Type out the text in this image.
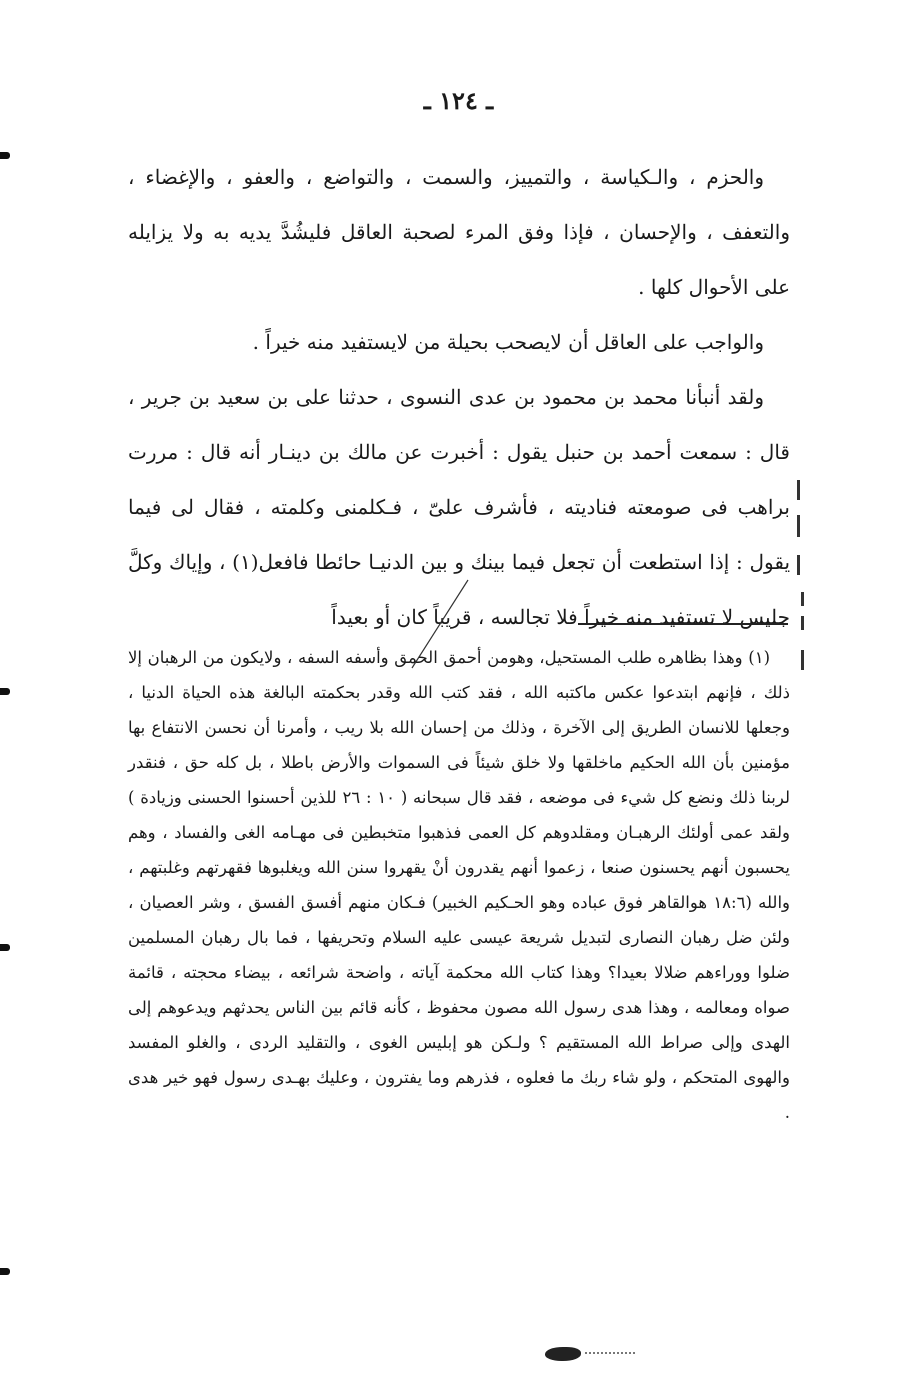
ـ ١٢٤ ـ

والحزم ، والـكياسة ، والتمييز، والسمت ، والتواضع ، والعفو ، والإغضاء ، والتعفف ، والإحسان ، فإذا وفق المرء لصحبة العاقل فليشُدَّ يديه به ولا يزايله على الأحوال كلها .

والواجب على العاقل أن لايصحب بحيلة من لايستفيد منه خيراً .

ولقد أنبأنا محمد بن محمود بن عدى النسوى ، حدثنا على بن سعيد بن جرير ، قال : سمعت أحمد بن حنبل يقول : أخبرت عن مالك بن دينـار أنه قال : مررت براهب فى صومعته فناديته ، فأشرف علىّ ، فـكلمنى وكلمته ، فقال لى فيما يقول : إذا استطعت أن تجعل فيما بينك و بين الدنيـا حائطا فافعل(١) ، وإياك وكلَّ جليس لا تستفيد منه خيراً فلا تجالسه ، قريباً كان أو بعيداً

(١) وهذا بظاهره طلب المستحيل، وهومن أحمق الحمق وأسفه السفه ، ولايكون من الرهبان إلا ذلك ، فإنهم ابتدعوا عكس ماكتبه الله ، فقد كتب الله وقدر بحكمته البالغة هذه الحياة الدنيا ، وجعلها للانسان الطريق إلى الآخرة ، وذلك من إحسان الله بلا ريب ، وأمرنا أن نحسن الانتفاع بها مؤمنين بأن الله الحكيم ماخلقها ولا خلق شيئاً فى السموات والأرض باطلا ، بل كله حق ، فنقدر لربنا ذلك ونضع كل شيء فى موضعه ، فقد قال سبحانه ( ١٠ : ٢٦ للذين أحسنوا الحسنى وزيادة ) ولقد عمى أولئك الرهبـان ومقلدوهم كل العمى فذهبوا متخبطين فى مهـامه الغى والفساد ، وهم يحسبون أنهم يحسنون صنعا ، زعموا أنهم يقدرون أنْ يقهروا سنن الله ويغلبوها فقهرتهم وغلبتهم ، والله (١٨:٦ هوالقاهر فوق عباده وهو الحـكيم الخبير) فـكان منهم أفسق الفسق ، وشر العصيان ، ولئن ضل رهبان النصارى لتبديل شريعة عيسى عليه السلام وتحريفها ، فما بال رهبان المسلمين ضلوا ووراءهم ضلالا بعيدا؟ وهذا كتاب الله محكمة آياته ، واضحة شرائعه ، بيضاء محجته ، قائمة صواه ومعالمه ، وهذا هدى رسول الله مصون محفوظ ، كأنه قائم بين الناس يحدثهم ويدعوهم إلى الهدى وإلى صراط الله المستقيم ؟ ولـكن هو إبليس الغوى ، والتقليد الردى ، والغلو المفسد والهوى المتحكم ، ولو شاء ربك ما فعلوه ، فذرهم وما يفترون ، وعليك بهـدى رسول فهو خير هدى .
